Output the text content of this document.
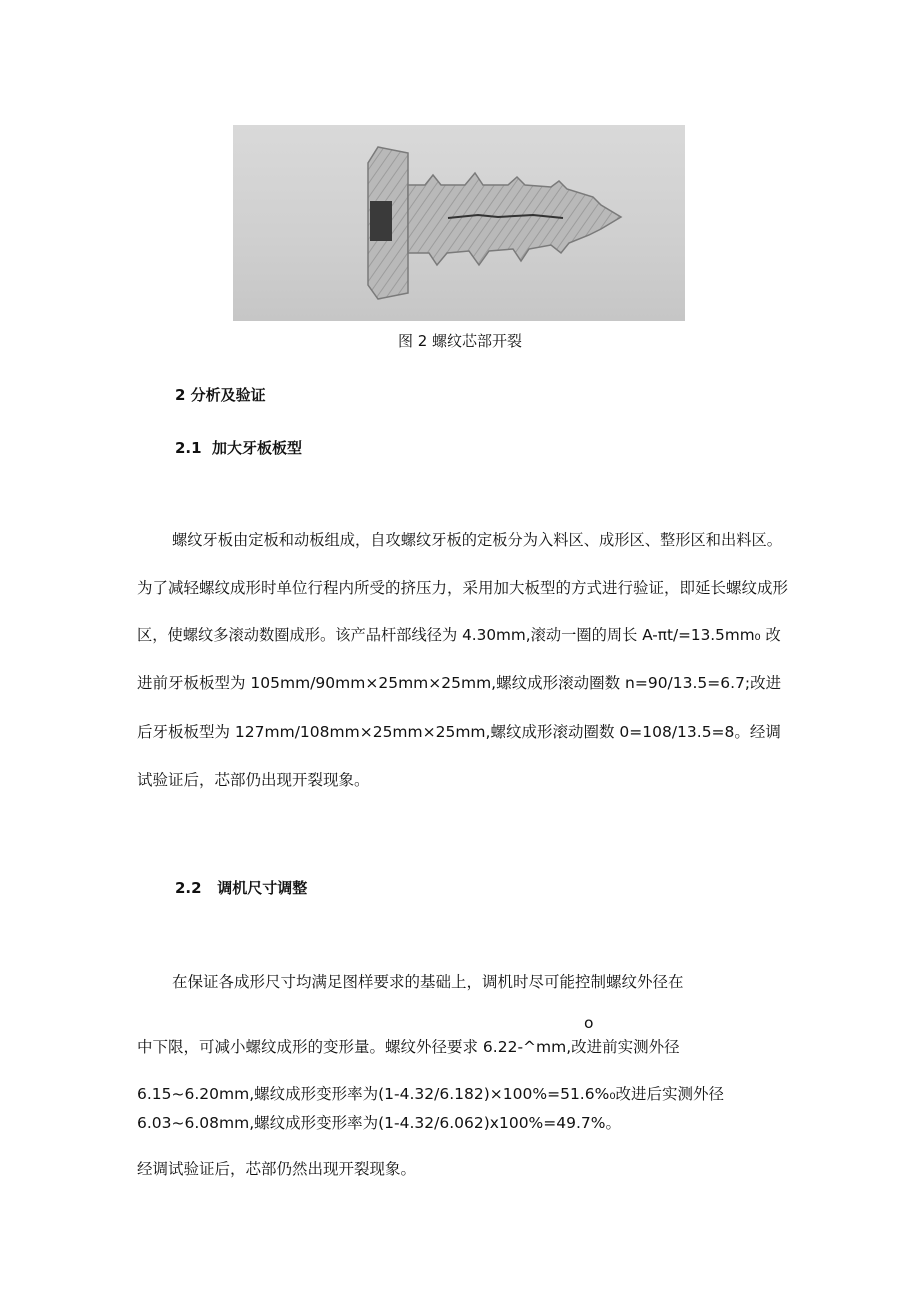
图 2 螺纹芯部开裂
2 分析及验证
2.1  加大牙板板型
螺纹牙板由定板和动板组成，自攻螺纹牙板的定板分为入料区、成形区、整形区和出料区。
为了减轻螺纹成形时单位行程内所受的挤压力，采用加大板型的方式进行验证，即延长螺纹成形
区，使螺纹多滚动数圈成形。该产品杆部线径为 4.30mm,滚动一圈的周长 A-πt/=13.5mm₀ 改
进前牙板板型为 105mm/90mm×25mm×25mm,螺纹成形滚动圈数 n=90/13.5=6.7;改进
后牙板板型为 127mm/108mm×25mm×25mm,螺纹成形滚动圈数 0=108/13.5=8。经调
试验证后，芯部仍出现开裂现象。
2.2   调机尺寸调整
在保证各成形尺寸均满足图样要求的基础上，调机时尽可能控制螺纹外径在
o
中下限，可减小螺纹成形的变形量。螺纹外径要求 6.22-^mm,改进前实测外径
6.15~6.20mm,螺纹成形变形率为(1-4.32/6.182)×100%=51.6%₀改进后实测外径
6.03~6.08mm,螺纹成形变形率为(1-4.32/6.062)x100%=49.7%。
经调试验证后，芯部仍然出现开裂现象。
